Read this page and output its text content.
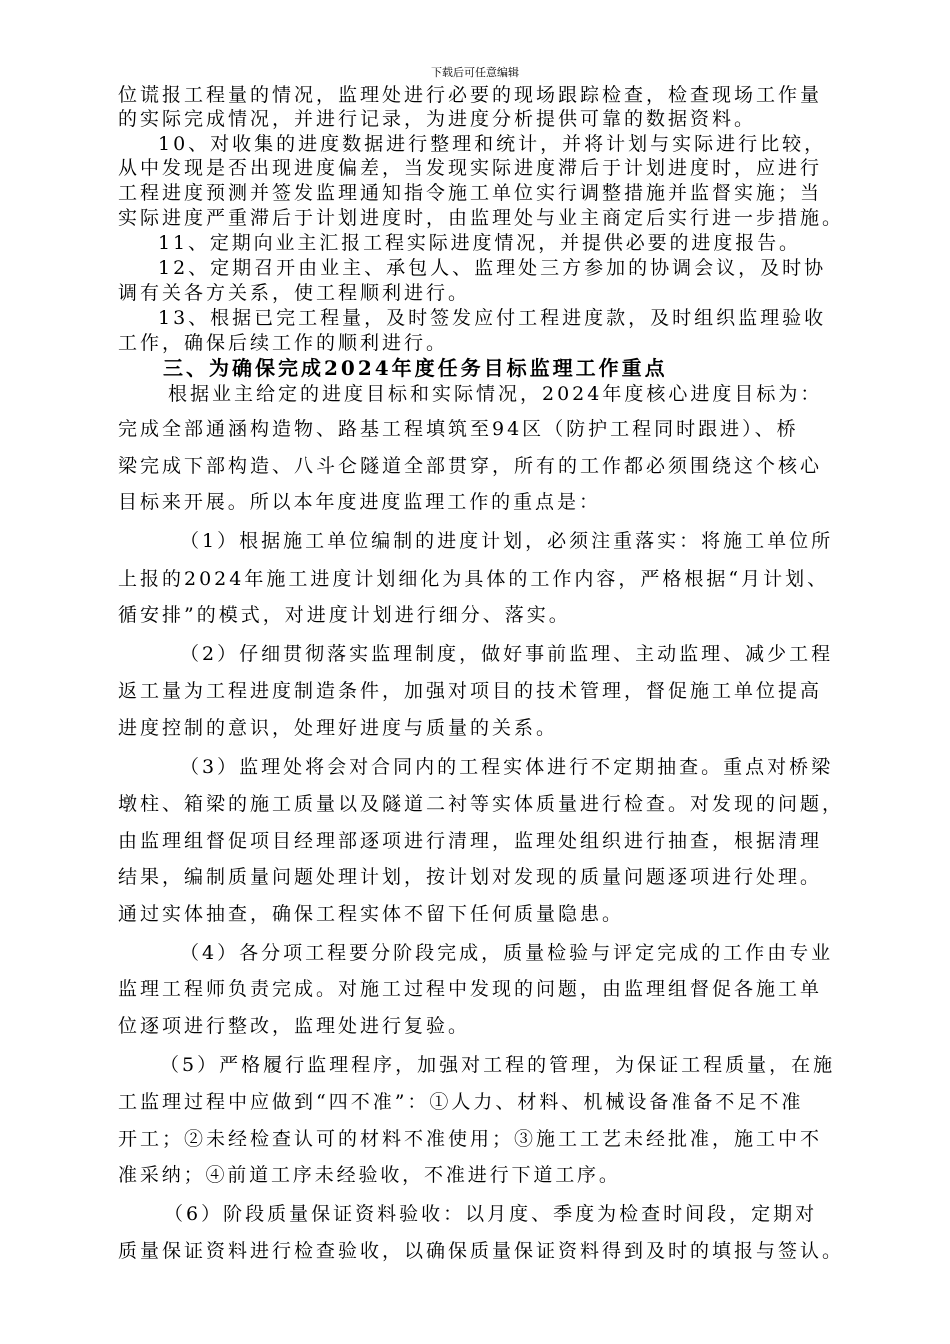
下载后可任意编辑
位谎报工程量的情况，监理处进行必要的现场跟踪检查，检查现场工作量
的实际完成情况，并进行记录，为进度分析提供可靠的数据资料。
10、对收集的进度数据进行整理和统计，并将计划与实际进行比较，
从中发现是否出现进度偏差，当发现实际进度滞后于计划进度时，应进行
工程进度预测并签发监理通知指令施工单位实行调整措施并监督实施；当
实际进度严重滞后于计划进度时，由监理处与业主商定后实行进一步措施。
11、定期向业主汇报工程实际进度情况，并提供必要的进度报告。
12、定期召开由业主、承包人、监理处三方参加的协调会议，及时协
调有关各方关系，使工程顺利进行。
13、根据已完工程量，及时签发应付工程进度款，及时组织监理验收
工作，确保后续工作的顺利进行。
三、为确保完成2024年度任务目标监理工作重点
根据业主给定的进度目标和实际情况，2024年度核心进度目标为：
完成全部通涵构造物、路基工程填筑至94区（防护工程同时跟进）、桥
梁完成下部构造、八斗仑隧道全部贯穿，所有的工作都必须围绕这个核心
目标来开展。所以本年度进度监理工作的重点是：
（1）根据施工单位编制的进度计划，必须注重落实：将施工单位所
上报的2024年施工进度计划细化为具体的工作内容，严格根据“月计划、
循安排”的模式，对进度计划进行细分、落实。
（2）仔细贯彻落实监理制度，做好事前监理、主动监理、减少工程
返工量为工程进度制造条件，加强对项目的技术管理，督促施工单位提高
进度控制的意识，处理好进度与质量的关系。
（3）监理处将会对合同内的工程实体进行不定期抽查。重点对桥梁
墩柱、箱梁的施工质量以及隧道二衬等实体质量进行检查。对发现的问题，
由监理组督促项目经理部逐项进行清理，监理处组织进行抽查，根据清理
结果，编制质量问题处理计划，按计划对发现的质量问题逐项进行处理。
通过实体抽查，确保工程实体不留下任何质量隐患。
（4）各分项工程要分阶段完成，质量检验与评定完成的工作由专业
监理工程师负责完成。对施工过程中发现的问题，由监理组督促各施工单
位逐项进行整改，监理处进行复验。
（5）严格履行监理程序，加强对工程的管理，为保证工程质量，在施
工监理过程中应做到“四不准”：①人力、材料、机械设备准备不足不准
开工；②未经检查认可的材料不准使用；③施工工艺未经批准，施工中不
准采纳；④前道工序未经验收，不准进行下道工序。
（6）阶段质量保证资料验收：以月度、季度为检查时间段，定期对
质量保证资料进行检查验收，以确保质量保证资料得到及时的填报与签认。
